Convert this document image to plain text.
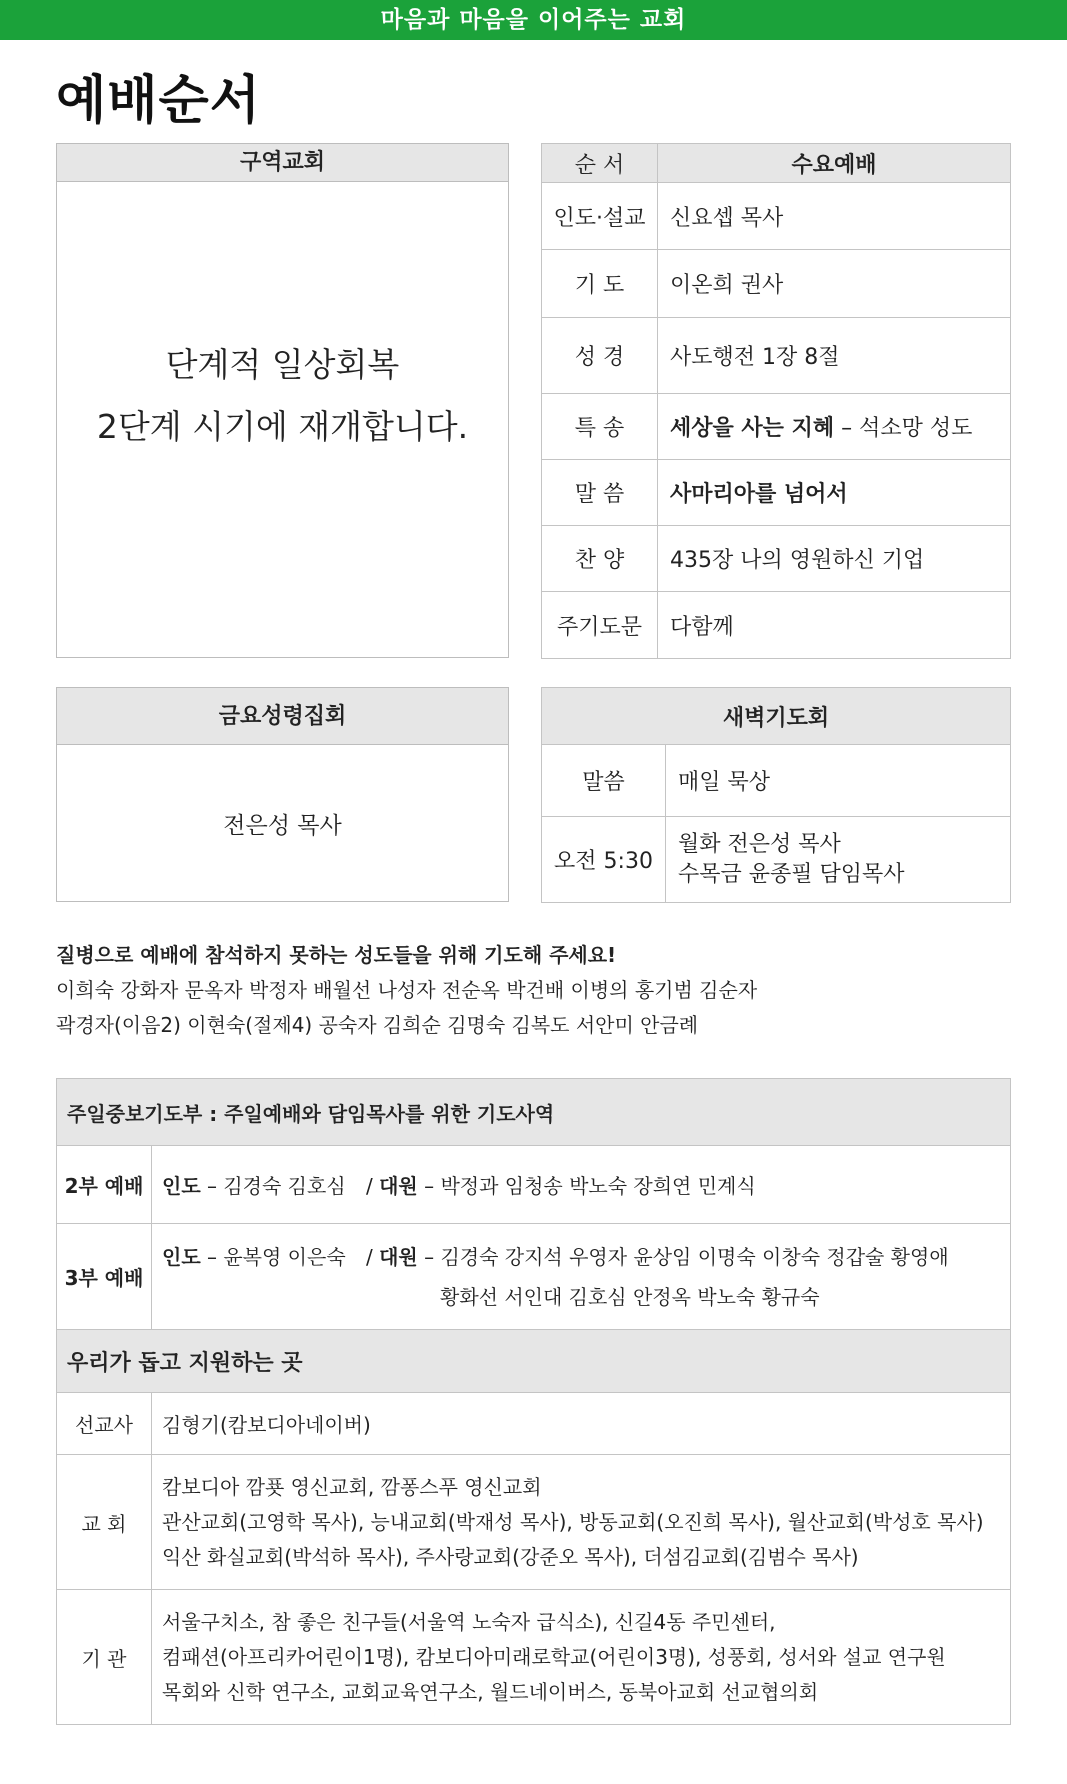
마음과 마음을 이어주는 교회
예배순서
구역교회
단계적 일상회복
2단계 시기에 재개합니다.
순 서	수요예배
인도·설교	신요셉 목사
기 도	이온희 권사
성 경	사도행전 1장 8절
특 송	세상을 사는 지혜 – 석소망 성도
말 씀	사마리아를 넘어서
찬 양	435장 나의 영원하신 기업
주기도문	다함께
금요성령집회
전은성 목사
새벽기도회	
말씀	매일 묵상
오전 5:30	월화 전은성 목사
수목금 윤종필 담임목사
질병으로 예배에 참석하지 못하는 성도들을 위해 기도해 주세요!
이희숙 강화자 문옥자 박정자 배월선 나성자 전순옥 박건배 이병의 홍기범 김순자
곽경자(이음2) 이현숙(절제4) 공숙자 김희순 김명숙 김복도 서안미 안금례
주일중보기도부 : 주일예배와 담임목사를 위한 기도사역	
2부 예배	인도 – 김경숙 김호심 / 대원 – 박정과 임청송 박노숙 장희연 민계식
3부 예배	인도 – 윤복영 이은숙 / 대원 – 김경숙 강지석 우영자 윤상임 이명숙 이창숙 정갑술 황영애
황화선 서인대 김호심 안정옥 박노숙 황규숙

우리가 돕고 지원하는 곳	
선교사	김형기(캄보디아네이버)
교 회	캄보디아 깜푯 영신교회, 깜퐁스푸 영신교회
관산교회(고영학 목사), 능내교회(박재성 목사), 방동교회(오진희 목사), 월산교회(박성호 목사)
익산 화실교회(박석하 목사), 주사랑교회(강준오 목사), 더섬김교회(김범수 목사)

기 관	서울구치소, 참 좋은 친구들(서울역 노숙자 급식소), 신길4동 주민센터,
컴패션(아프리카어린이1명), 캄보디아미래로학교(어린이3명), 성풍회, 성서와 설교 연구원
목회와 신학 연구소, 교회교육연구소, 월드네이버스, 동북아교회 선교협의회
